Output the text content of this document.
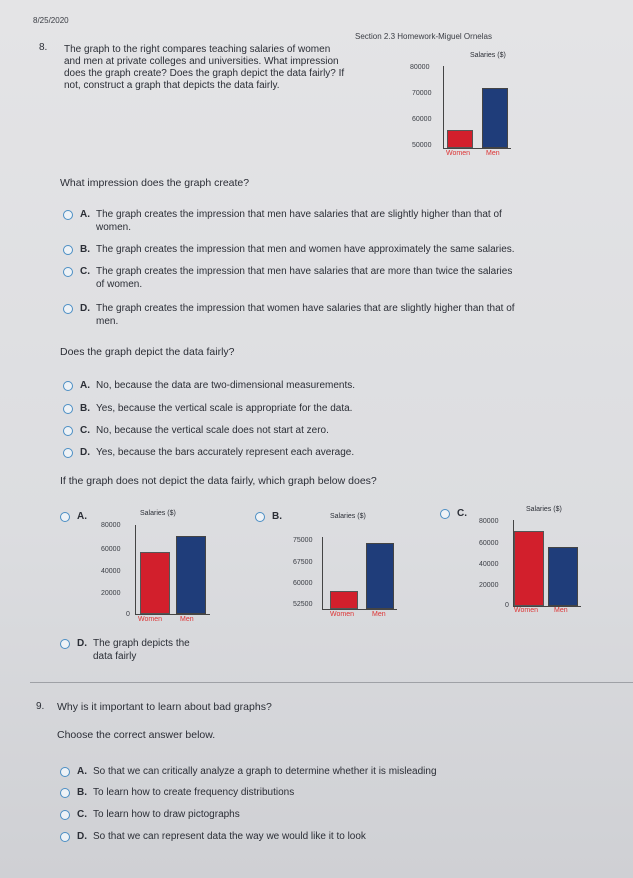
8/25/2020
Section 2.3 Homework-Miguel Ornelas
8. The graph to the right compares teaching salaries of women
and men at private colleges and universities. What impression
does the graph create? Does the graph depict the data fairly? If
not, construct a graph that depicts the data fairly.
Salaries ($)
80000
70000
60000
50000
Women Men
What impression does the graph create?
A. The graph creates the impression that men have salaries that are slightly higher than that of
women.
B. The graph creates the impression that men and women have approximately the same salaries.
C. The graph creates the impression that men have salaries that are more than twice the salaries
of women.
D. The graph creates the impression that women have salaries that are slightly higher than that of
men.
Does the graph depict the data fairly?
A. No, because the data are two-dimensional measurements.
B. Yes, because the vertical scale is appropriate for the data.
C. No, because the vertical scale does not start at zero.
D. Yes, because the bars accurately represent each average.
If the graph does not depict the data fairly, which graph below does?
A.	Salaries ($)
80000
60000
40000
20000
0
Women	Men
B.	Salaries ($)
75000
67500
60000
52500
Women	Men
C.	Salaries ($)
80000
60000
40000
20000
0
Women Men
D. The graph depicts the
data fairly
9. Why is it important to learn about bad graphs?
Choose the correct answer below.
A. So that we can critically analyze a graph to determine whether it is misleading
B. To learn how to create frequency distributions
C. To learn how to draw pictographs
D. So that we can represent data the way we would like it to look
